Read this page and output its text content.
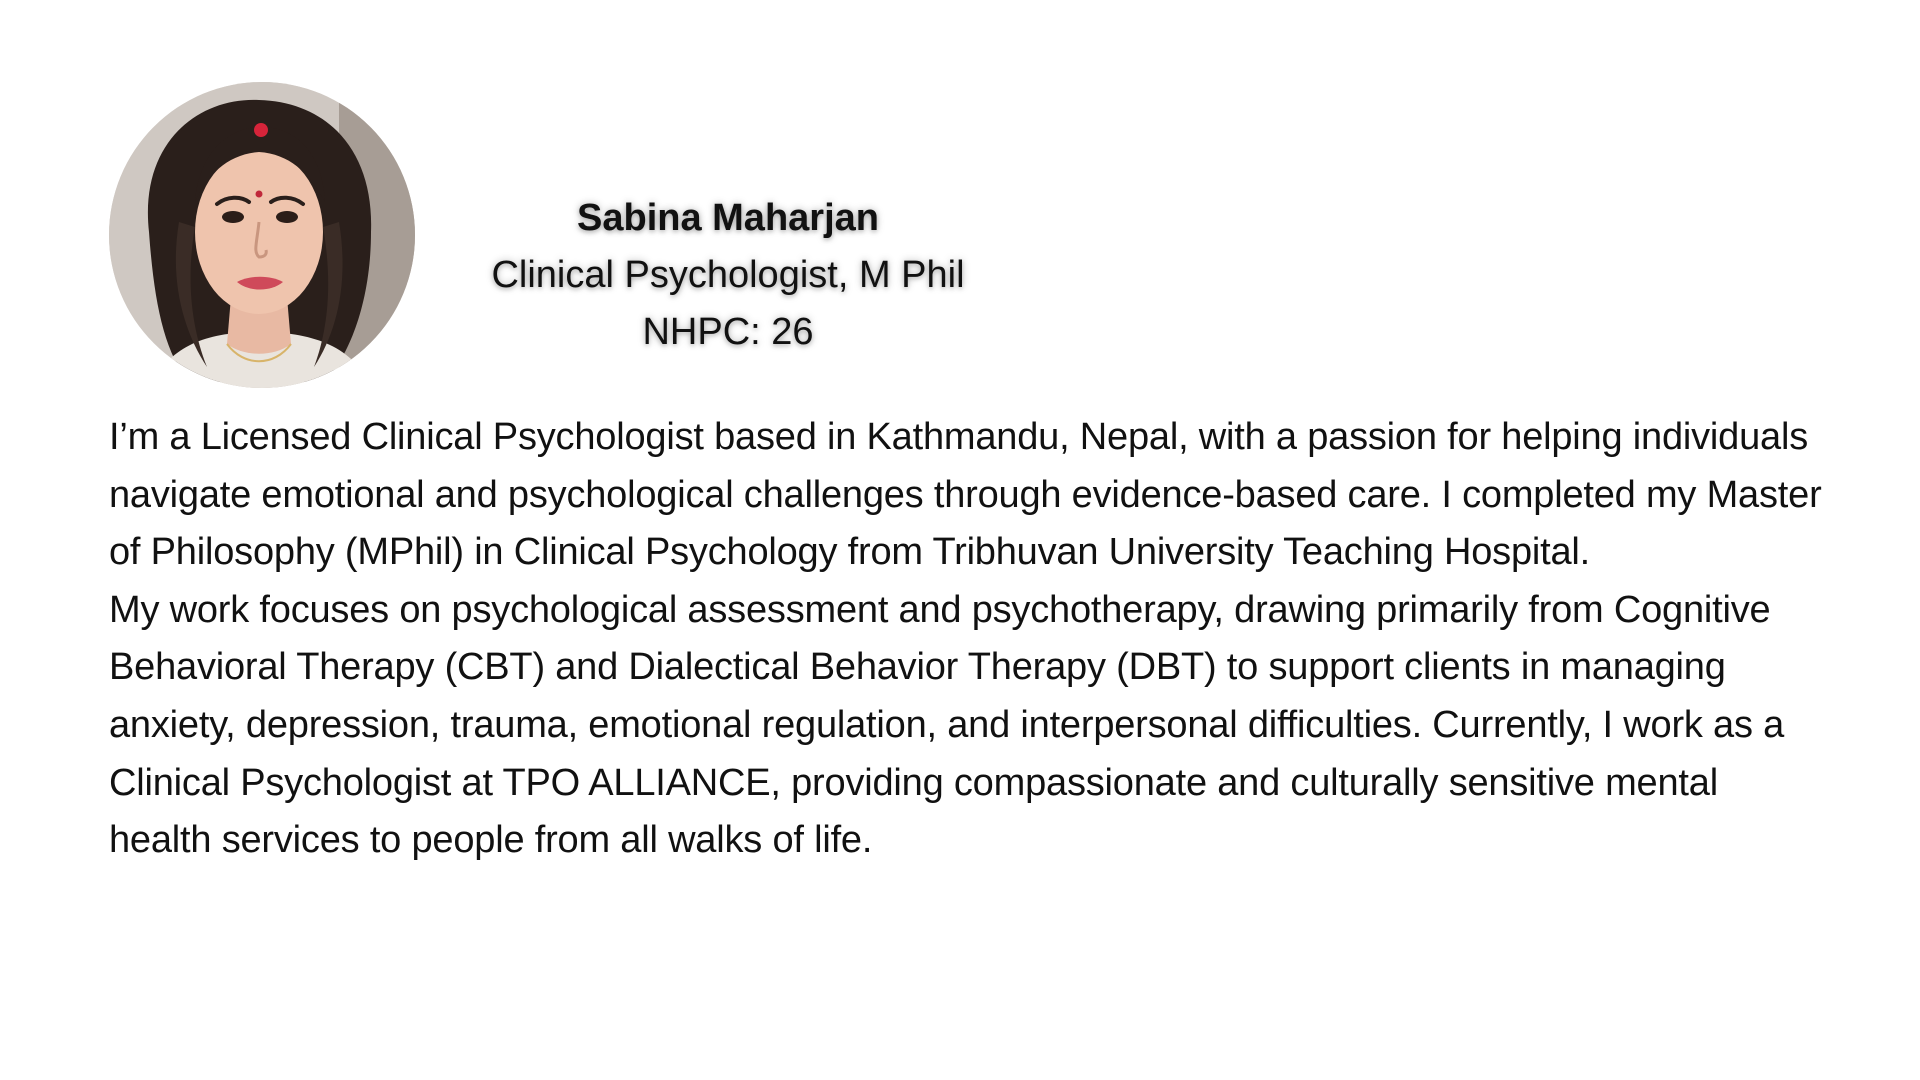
Sabina Maharjan
Clinical Psychologist, M Phil
NHPC: 26

I’m a Licensed Clinical Psychologist based in Kathmandu, Nepal, with a passion for helping individuals navigate emotional and psychological challenges through evidence-based care. I completed my Master of Philosophy (MPhil) in Clinical Psychology from Tribhuvan University Teaching Hospital.

My work focuses on psychological assessment and psychotherapy, drawing primarily from Cognitive Behavioral Therapy (CBT) and Dialectical Behavior Therapy (DBT) to support clients in managing anxiety, depression, trauma, emotional regulation, and interpersonal difficulties. Currently, I work as a Clinical Psychologist at TPO ALLIANCE, providing compassionate and culturally sensitive mental health services to people from all walks of life.
